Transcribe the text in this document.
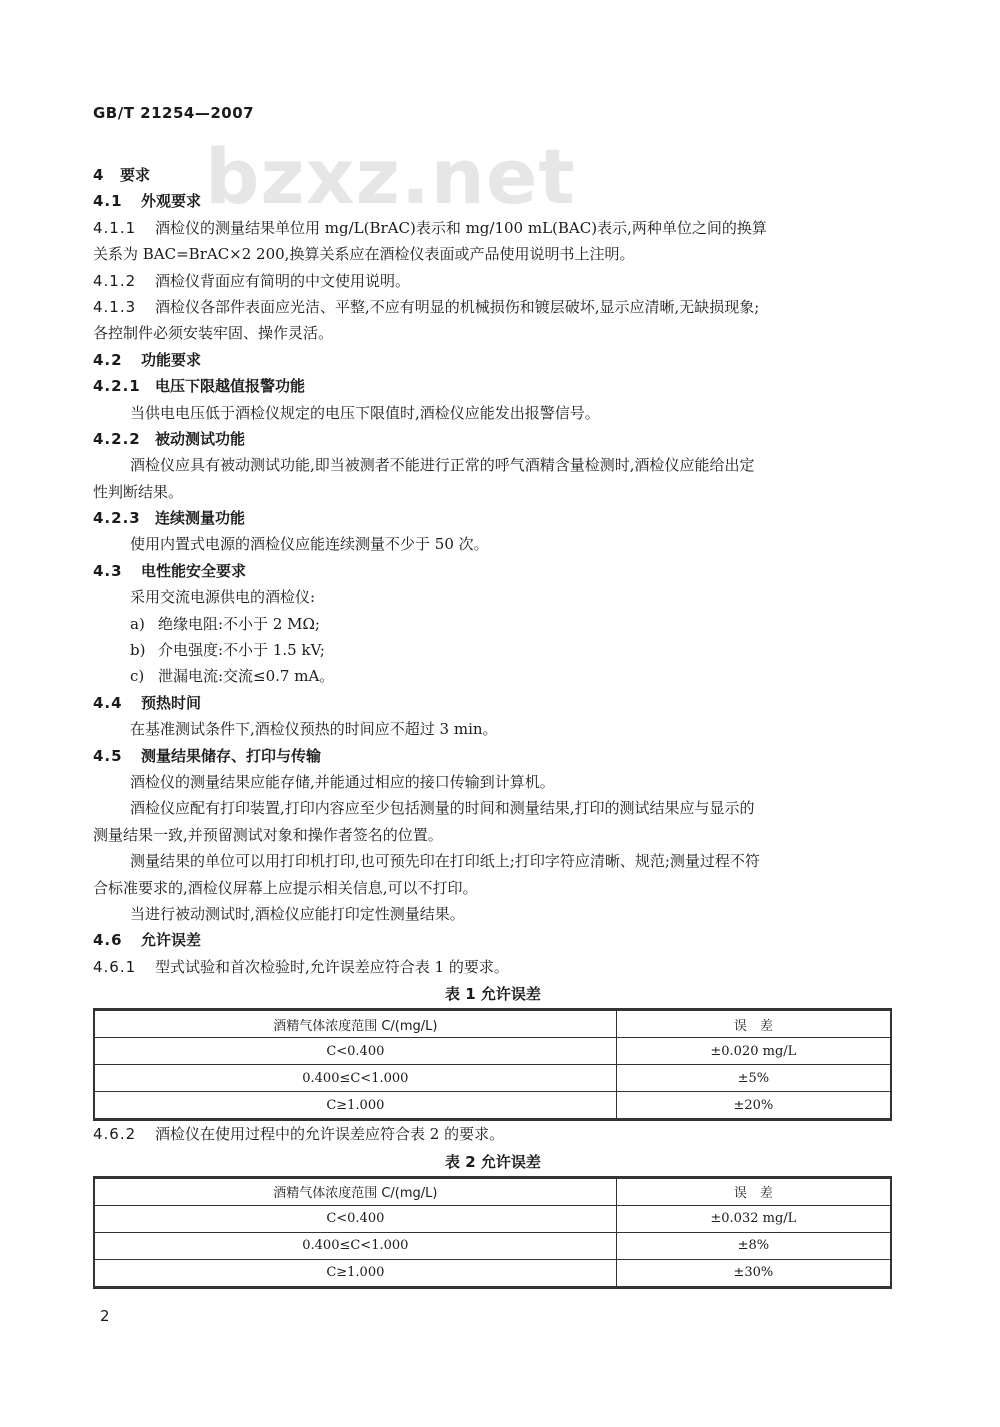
GB/T 21254—2007
bzxz.net
4 要求
4.1 外观要求
4.1.1 酒检仪的测量结果单位用 mg/L(BrAC)表示和 mg/100 mL(BAC)表示,两种单位之间的换算
关系为 BAC=BrAC×2 200,换算关系应在酒检仪表面或产品使用说明书上注明。
4.1.2 酒检仪背面应有简明的中文使用说明。
4.1.3 酒检仪各部件表面应光洁、平整,不应有明显的机械损伤和镀层破坏,显示应清晰,无缺损现象;
各控制件必须安装牢固、操作灵活。
4.2 功能要求
4.2.1 电压下限越值报警功能
当供电电压低于酒检仪规定的电压下限值时,酒检仪应能发出报警信号。
4.2.2 被动测试功能
酒检仪应具有被动测试功能,即当被测者不能进行正常的呼气酒精含量检测时,酒检仪应能给出定
性判断结果。
4.2.3 连续测量功能
使用内置式电源的酒检仪应能连续测量不少于 50 次。
4.3 电性能安全要求
采用交流电源供电的酒检仪:
a) 绝缘电阻:不小于 2 MΩ;
b) 介电强度:不小于 1.5 kV;
c) 泄漏电流:交流≤0.7 mA。
4.4 预热时间
在基准测试条件下,酒检仪预热的时间应不超过 3 min。
4.5 测量结果储存、打印与传输
酒检仪的测量结果应能存储,并能通过相应的接口传输到计算机。
酒检仪应配有打印装置,打印内容应至少包括测量的时间和测量结果,打印的测试结果应与显示的
测量结果一致,并预留测试对象和操作者签名的位置。
测量结果的单位可以用打印机打印,也可预先印在打印纸上;打印字符应清晰、规范;测量过程不符
合标准要求的,酒检仪屏幕上应提示相关信息,可以不打印。
当进行被动测试时,酒检仪应能打印定性测量结果。
4.6 允许误差
4.6.1 型式试验和首次检验时,允许误差应符合表 1 的要求。
表 1 允许误差
酒精气体浓度范围 C/(mg/L)	误　差
C<0.400	±0.020 mg/L
0.400≤C<1.000	±5%
C≥1.000	±20%
4.6.2 酒检仪在使用过程中的允许误差应符合表 2 的要求。
表 2 允许误差
酒精气体浓度范围 C/(mg/L)	误　差
C<0.400	±0.032 mg/L
0.400≤C<1.000	±8%
C≥1.000	±30%
2
